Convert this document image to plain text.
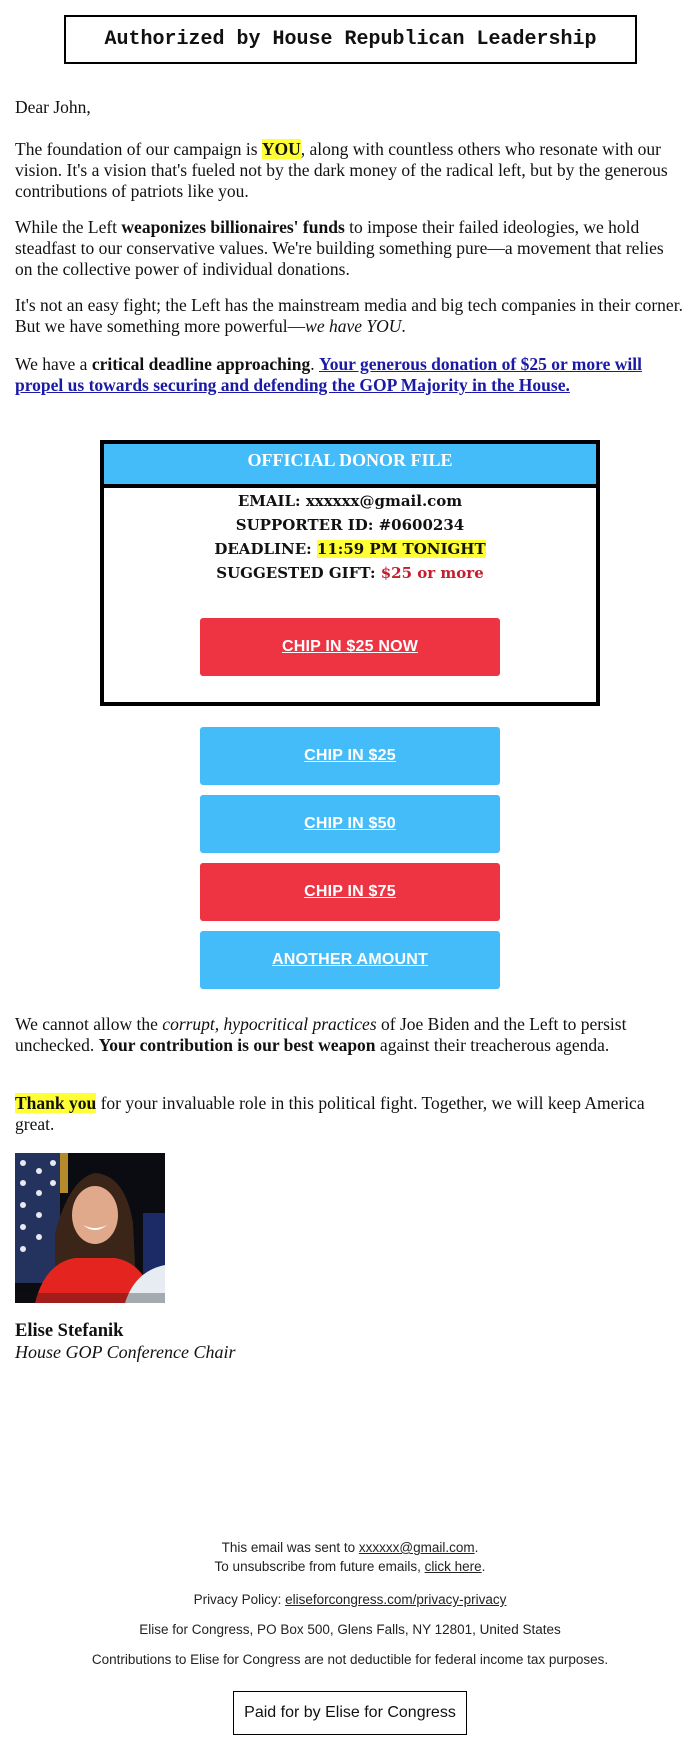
Authorized by House Republican Leadership
Dear John,

The foundation of our campaign is YOU, along with countless others who resonate with our vision. It's a vision that's fueled not by the dark money of the radical left, but by the generous contributions of patriots like you.

While the Left weaponizes billionaires' funds to impose their failed ideologies, we hold steadfast to our conservative values. We're building something pure—a movement that relies on the collective power of individual donations.

It's not an easy fight; the Left has the mainstream media and big tech companies in their corner. But we have something more powerful—we have YOU.

We have a critical deadline approaching. Your generous donation of $25 or more will propel us towards securing and defending the GOP Majority in the House.

OFFICIAL DONOR FILE
EMAIL: xxxxxx@gmail.com
SUPPORTER ID: #0600234
DEADLINE: 11:59 PM TONIGHT
SUGGESTED GIFT: $25 or more
CHIP IN $25 NOW
CHIP IN $25
CHIP IN $50
CHIP IN $75
ANOTHER AMOUNT

We cannot allow the corrupt, hypocritical practices of Joe Biden and the Left to persist unchecked. Your contribution is our best weapon against their treacherous agenda.

Thank you for your invaluable role in this political fight. Together, we will keep America great.

Elise Stefanik
House GOP Conference Chair
This email was sent to xxxxxx@gmail.com.
To unsubscribe from future emails, click here.
Privacy Policy: eliseforcongress.com/privacy-privacy
Elise for Congress, PO Box 500, Glens Falls, NY 12801, United States
Contributions to Elise for Congress are not deductible for federal income tax purposes.
Paid for by Elise for Congress
